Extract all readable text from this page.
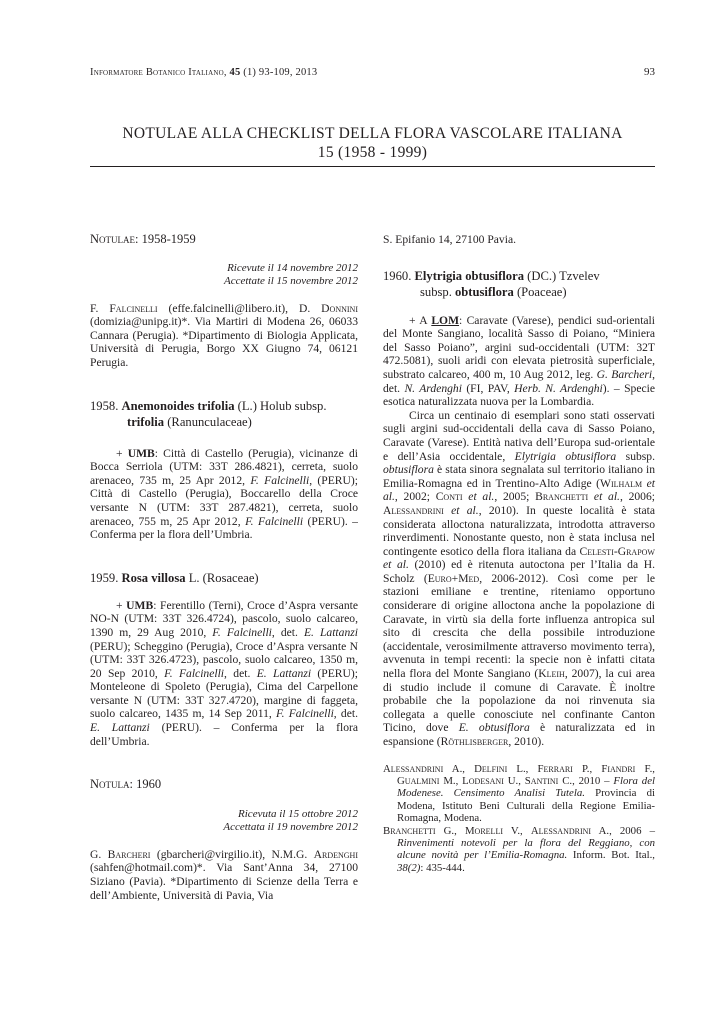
Informatore Botanico Italiano, 45 (1) 93-109, 2013	93
NOTULAE ALLA CHECKLIST DELLA FLORA VASCOLARE ITALIANA
15 (1958 - 1999)
Notulae: 1958-1959
Ricevute il 14 novembre 2012
Accettate il 15 novembre 2012
F. Falcinelli (effe.falcinelli@libero.it), D. Donnini (domizia@unipg.it)*. Via Martiri di Modena 26, 06033 Cannara (Perugia). *Dipartimento di Biologia Applicata, Università di Perugia, Borgo XX Giugno 74, 06121 Perugia.
1958. Anemonoides trifolia (L.) Holub subsp.
trifolia (Ranunculaceae)
+ UMB: Città di Castello (Perugia), vicinanze di Bocca Serriola (UTM: 33T 286.4821), cerreta, suolo arenaceo, 735 m, 25 Apr 2012, F. Falcinelli, (PERU); Città di Castello (Perugia), Boccarello della Croce versante N (UTM: 33T 287.4821), cerreta, suolo arenaceo, 755 m, 25 Apr 2012, F. Falcinelli (PERU). – Conferma per la flora dell’Umbria.
1959. Rosa villosa L. (Rosaceae)
+ UMB: Ferentillo (Terni), Croce d’Aspra versante NO-N (UTM: 33T 326.4724), pascolo, suolo calcareo, 1390 m, 29 Aug 2010, F. Falcinelli, det. E. Lattanzi (PERU); Scheggino (Perugia), Croce d’Aspra versante N (UTM: 33T 326.4723), pascolo, suolo calcareo, 1350 m, 20 Sep 2010, F. Falcinelli, det. E. Lattanzi (PERU); Monteleone di Spoleto (Perugia), Cima del Carpellone versante N (UTM: 33T 327.4720), margine di faggeta, suolo calcareo, 1435 m, 14 Sep 2011, F. Falcinelli, det. E. Lattanzi (PERU). – Conferma per la flora dell’Umbria.
Notula: 1960
Ricevuta il 15 ottobre 2012
Accettata il 19 novembre 2012
G. Barcheri (gbarcheri@virgilio.it), N.M.G. Ardenghi (sahfen@hotmail.com)*. Via Sant’Anna 34, 27100 Siziano (Pavia). *Dipartimento di Scienze della Terra e dell’Ambiente, Università di Pavia, Via
S. Epifanio 14, 27100 Pavia.
1960. Elytrigia obtusiflora (DC.) Tzvelev
subsp. obtusiflora (Poaceae)
+ A LOM: Caravate (Varese), pendici sud-orientali del Monte Sangiano, località Sasso di Poiano, “Miniera del Sasso Poiano”, argini sud-occidentali (UTM: 32T 472.5081), suoli aridi con elevata pietrosità superficiale, substrato calcareo, 400 m, 10 Aug 2012, leg. G. Barcheri, det. N. Ardenghi (FI, PAV, Herb. N. Ardenghi). – Specie esotica naturalizzata nuova per la Lombardia.
Circa un centinaio di esemplari sono stati osservati sugli argini sud-occidentali della cava di Sasso Poiano, Caravate (Varese). Entità nativa dell’Europa sud-orientale e dell’Asia occidentale, Elytrigia obtusiflora subsp. obtusiflora è stata sinora segnalata sul territorio italiano in Emilia-Romagna ed in Trentino-Alto Adige (Wilhalm et al., 2002; Conti et al., 2005; Branchetti et al., 2006; Alessandrini et al., 2010). In queste località è stata considerata alloctona naturalizzata, introdotta attraverso rinverdimenti. Nonostante questo, non è stata inclusa nel contingente esotico della flora italiana da Celesti-Grapow et al. (2010) ed è ritenuta autoctona per l’Italia da H. Scholz (Euro+Med, 2006-2012). Così come per le stazioni emiliane e trentine, riteniamo opportuno considerare di origine alloctona anche la popolazione di Caravate, in virtù sia della forte influenza antropica sul sito di crescita che della possibile introduzione (accidentale, verosimilmente attraverso movimento terra), avvenuta in tempi recenti: la specie non è infatti citata nella flora del Monte Sangiano (Kleih, 2007), la cui area di studio include il comune di Caravate. È inoltre probabile che la popolazione da noi rinvenuta sia collegata a quelle conosciute nel confinante Canton Ticino, dove E. obtusiflora è naturalizzata ed in espansione (Röthlisberger, 2010).

Alessandrini A., Delfini L., Ferrari P., Fiandri F., Gualmini M., Lodesani U., Santini C., 2010 – Flora del Modenese. Censimento Analisi Tutela. Provincia di Modena, Istituto Beni Culturali della Regione Emilia-Romagna, Modena.

Branchetti G., Morelli V., Alessandrini A., 2006 – Rinvenimenti notevoli per la flora del Reggiano, con alcune novità per l’Emilia-Romagna. Inform. Bot. Ital., 38(2): 435-444.
